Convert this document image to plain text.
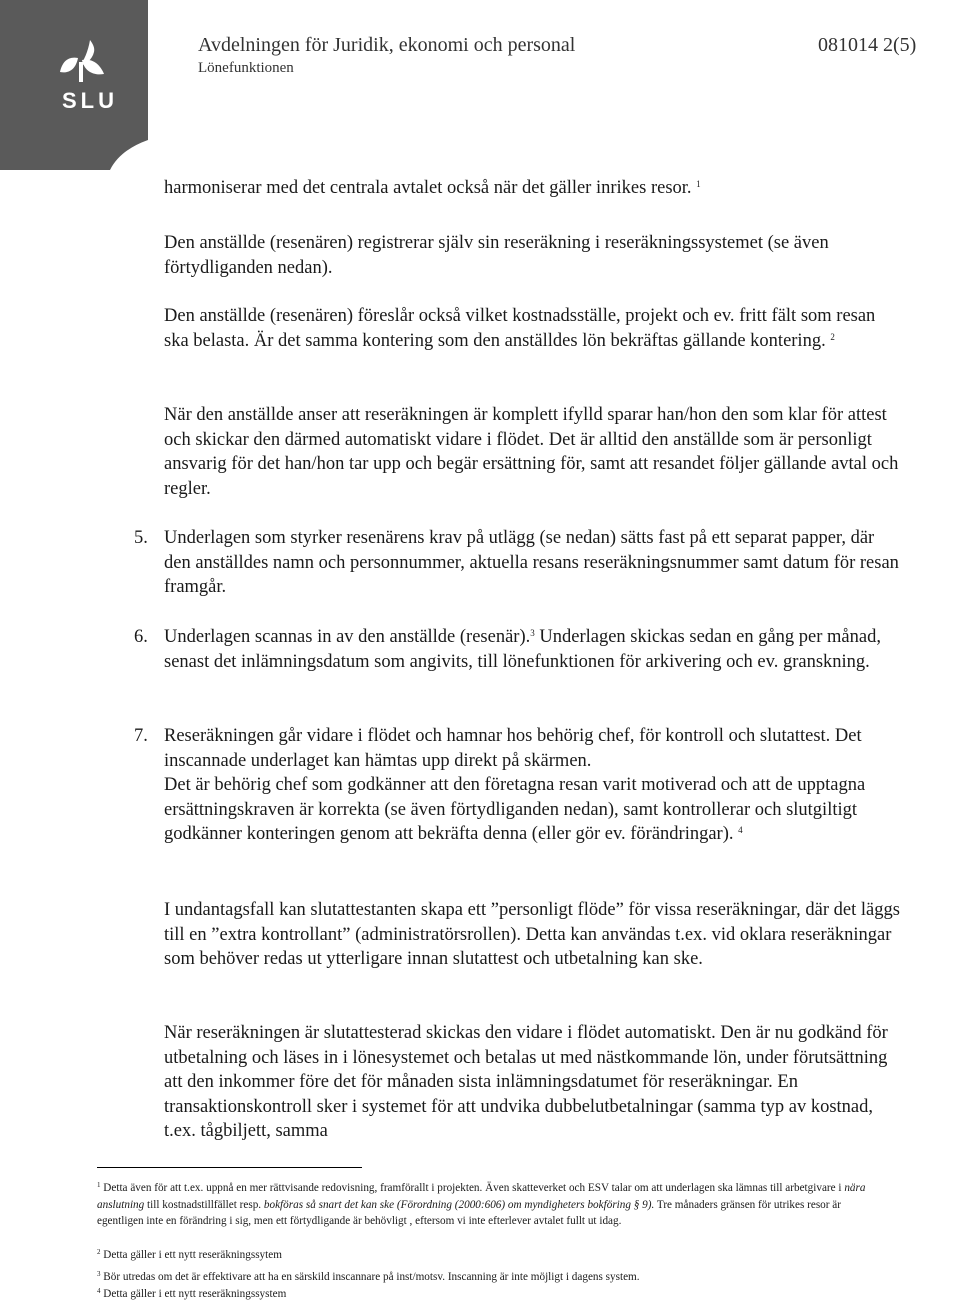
SLU
Avdelningen för Juridik, ekonomi och personal
Lönefunktionen
081014 2(5)

harmoniserar med det centrala avtalet också när det gäller inrikes resor. $^1$

Den anställde (resenären) registrerar själv sin reseräkning i reseräkningssystemet (se även förtydliganden nedan).

Den anställde (resenären) föreslår också vilket kostnadsställe, projekt och ev. fritt fält som resan ska belasta. Är det samma kontering som den anställdes lön bekräftas gällande kontering. $^2$

När den anställde anser att reseräkningen är komplett ifylld sparar han/hon den som klar för attest och skickar den därmed automatiskt vidare i flödet. Det är alltid den anställde som är personligt ansvarig för det han/hon tar upp och begär ersättning för, samt att resandet följer gällande avtal och regler.

5. Underlagen som styrker resenärens krav på utlägg (se nedan) sätts fast på ett separat papper, där den anställdes namn och personnummer, aktuella resans reseräkningsnummer samt datum för resan framgår.

6. Underlagen scannas in av den anställde (resenär).$^3$ Underlagen skickas sedan en gång per månad, senast det inlämningsdatum som angivits, till lönefunktionen för arkivering och ev. granskning.

7. Reseräkningen går vidare i flödet och hamnar hos behörig chef, för kontroll och slutattest. Det inscannade underlaget kan hämtas upp direkt på skärmen.

Det är behörig chef som godkänner att den företagna resan varit motiverad och att de upptagna ersättningskraven är korrekta (se även förtydliganden nedan), samt kontrollerar och slutgiltigt godkänner konteringen genom att bekräfta denna (eller gör ev. förändringar). $^4$

I undantagsfall kan slutattestanten skapa ett ”personligt flöde” för vissa reseräkningar, där det läggs till en ”extra kontrollant” (administratörsrollen). Detta kan användas t.ex. vid oklara reseräkningar som behöver redas ut ytterligare innan slutattest och utbetalning kan ske.

När reseräkningen är slutattesterad skickas den vidare i flödet automatiskt. Den är nu godkänd för utbetalning och läses in i lönesystemet och betalas ut med nästkommande lön, under förutsättning att den inkommer före det för månaden sista inlämningsdatumet för reseräkningar. En transaktionskontroll sker i systemet för att undvika dubbelutbetalningar (samma typ av kostnad, t.ex. tågbiljett, samma

$^1$ Detta även för att t.ex. uppnå en mer rättvisande redovisning, framförallt i projekten. Även skatteverket och ESV talar om att underlagen ska lämnas till arbetgivare i nära anslutning till kostnadstillfället resp. bokföras så snart det kan ske (Förordning (2000:606) om myndigheters bokföring § 9). Tre månaders gränsen för utrikes resor är egentligen inte en förändring i sig, men ett förtydligande är behövligt , eftersom vi inte efterlever avtalet fullt ut idag.

$^2$ Detta gäller i ett nytt reseräkningssytem

$^3$ Bör utredas om det är effektivare att ha en särskild inscannare på inst/motsv. Inscanning är inte möjligt i dagens system.

$^4$ Detta gäller i ett nytt reseräkningssystem
